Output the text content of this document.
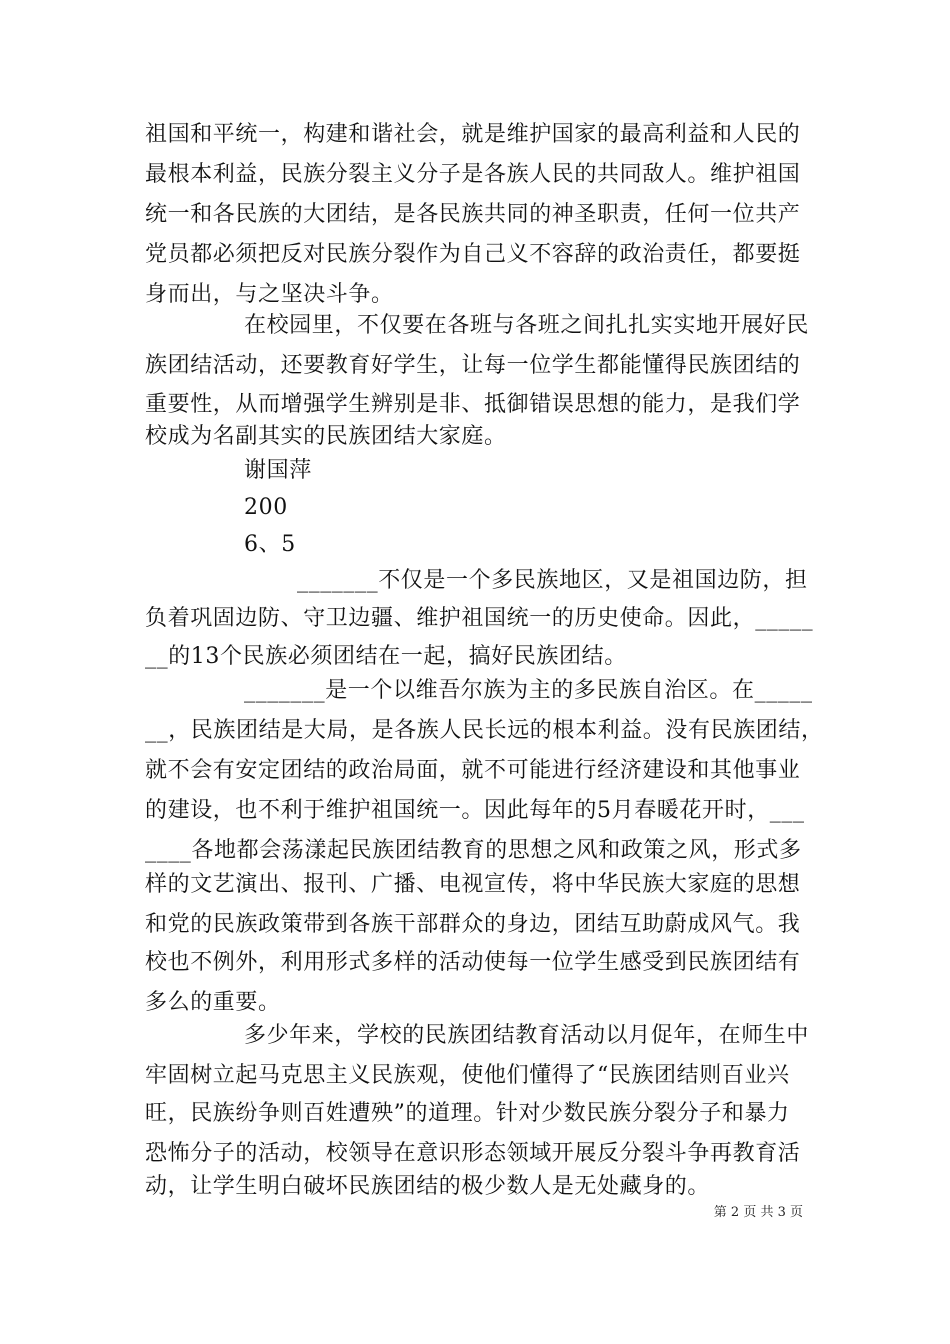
祖国和平统一，构建和谐社会，就是维护国家的最高利益和人民的
最根本利益，民族分裂主义分子是各族人民的共同敌人。维护祖国
统一和各民族的大团结，是各民族共同的神圣职责，任何一位共产
党员都必须把反对民族分裂作为自己义不容辞的政治责任，都要挺
身而出，与之坚决斗争。
在校园里，不仅要在各班与各班之间扎扎实实地开展好民
族团结活动，还要教育好学生，让每一位学生都能懂得民族团结的
重要性，从而增强学生辨别是非、抵御错误思想的能力，是我们学
校成为名副其实的民族团结大家庭。
谢国萍
200
6、5
_______不仅是一个多民族地区，又是祖国边防，担
负着巩固边防、守卫边疆、维护祖国统一的历史使命。因此，_____
__的13个民族必须团结在一起，搞好民族团结。
_______是一个以维吾尔族为主的多民族自治区。在_____
__，民族团结是大局，是各族人民长远的根本利益。没有民族团结，
就不会有安定团结的政治局面，就不可能进行经济建设和其他事业
的建设，也不利于维护祖国统一。因此每年的5月春暖花开时，___
____各地都会荡漾起民族团结教育的思想之风和政策之风，形式多
样的文艺演出、报刊、广播、电视宣传，将中华民族大家庭的思想
和党的民族政策带到各族干部群众的身边，团结互助蔚成风气。我
校也不例外，利用形式多样的活动使每一位学生感受到民族团结有
多么的重要。
多少年来，学校的民族团结教育活动以月促年，在师生中
牢固树立起马克思主义民族观，使他们懂得了“民族团结则百业兴
旺，民族纷争则百姓遭殃”的道理。针对少数民族分裂分子和暴力
恐怖分子的活动，校领导在意识形态领域开展反分裂斗争再教育活
动，让学生明白破坏民族团结的极少数人是无处藏身的。
第 2 页 共 3 页
